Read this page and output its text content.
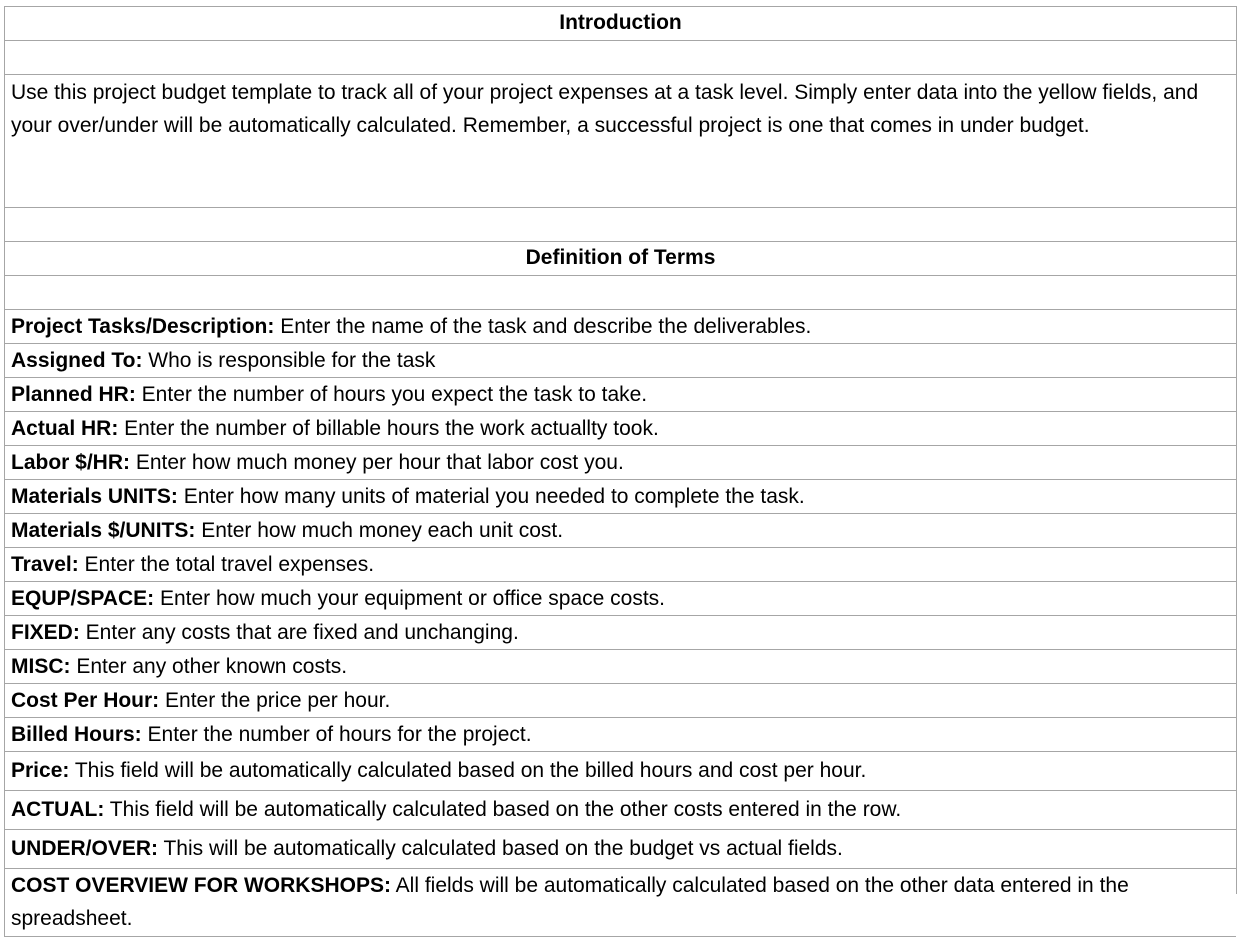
Introduction
Use this project budget template to track all of your project expenses at a task level. Simply enter data into the yellow fields, and your over/under will be automatically calculated. Remember, a successful project is one that comes in under budget.
Definition of Terms
Project Tasks/Description: Enter the name of the task and describe the deliverables.
Assigned To: Who is responsible for the task
Planned HR: Enter the number of hours you expect the task to take.
Actual HR: Enter the number of billable hours the work actuallty took.
Labor $/HR: Enter how much money per hour that labor cost you.
Materials UNITS: Enter how many units of material you needed to complete the task.
Materials $/UNITS: Enter how much money each unit cost.
Travel: Enter the total travel expenses.
EQUP/SPACE: Enter how much your equipment or office space costs.
FIXED: Enter any costs that are fixed and unchanging.
MISC: Enter any other known costs.
Cost Per Hour: Enter the price per hour.
Billed Hours: Enter the number of hours for the project.
Price: This field will be automatically calculated based on the billed hours and cost per hour.
ACTUAL: This field will be automatically calculated based on the other costs entered in the row.
UNDER/OVER: This will be automatically calculated based on the budget vs actual fields.
COST OVERVIEW FOR WORKSHOPS: All fields will be automatically calculated based on the other data entered in the spreadsheet.
